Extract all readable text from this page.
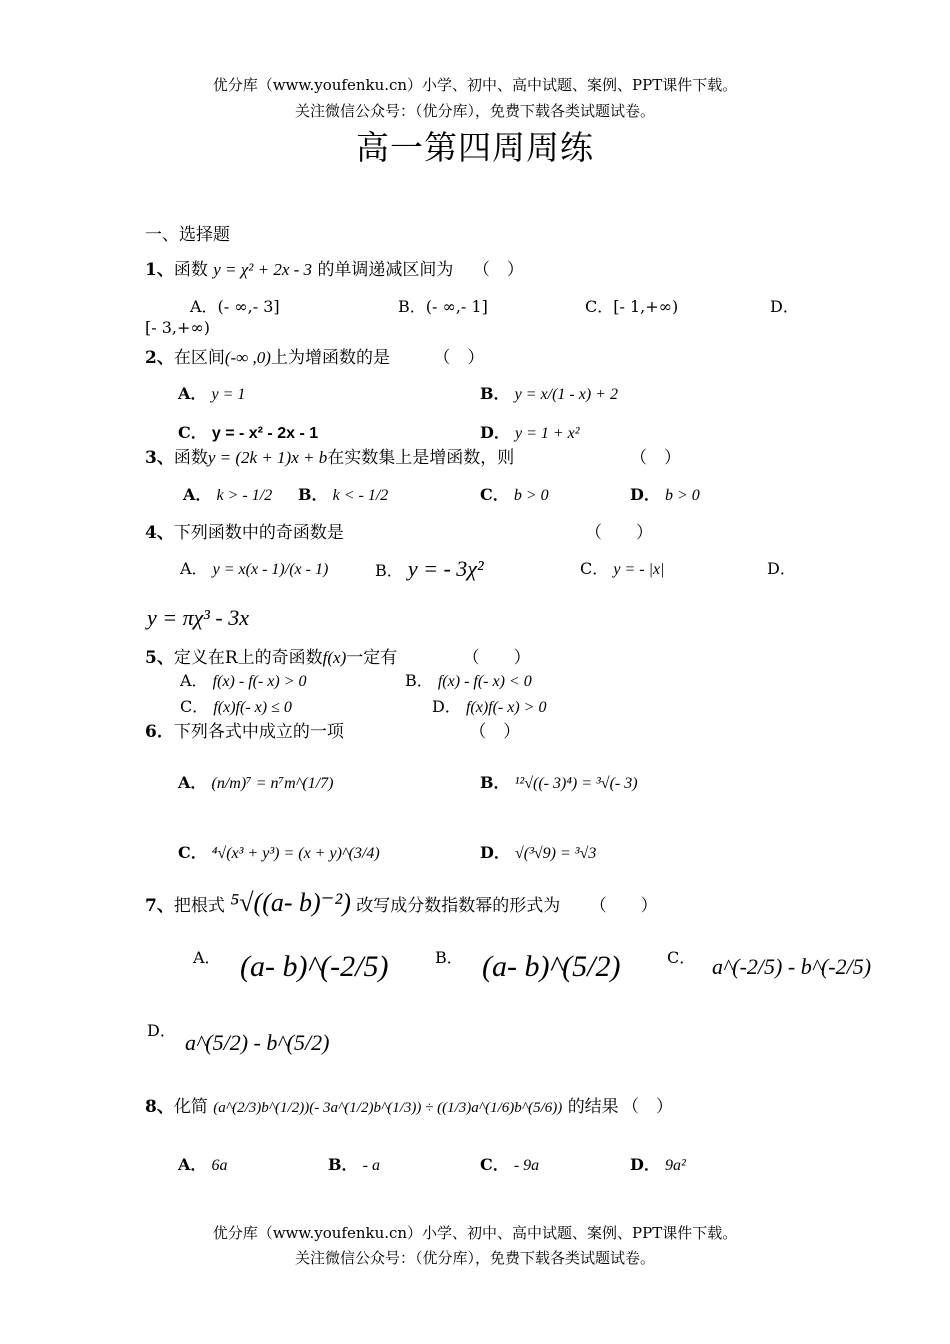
优分库（www.youfenku.cn）小学、初中、高中试题、案例、PPT课件下载。
关注微信公众号：（优分库），免费下载各类试题试卷。
高一第四周周练
一、选择题
1、函数 y = χ² + 2x - 3 的单调递减区间为 （　）
A．(- ∞,- 3]	B．(- ∞,- 1]	C．[- 1,+∞)	D．
[- 3,+∞)
2、在区间(-∞ ,0)上为增函数的是	（　）
A． y = 1	B． y = x/(1 - x) + 2
C． y = - x² - 2x - 1	D． y = 1 + x²
3、函数y = (2k + 1)x + b在实数集上是增函数，则	（　）
A． k > - 1/2 B． k < - 1/2	C． b > 0	D． b > 0
4、下列函数中的奇函数是	（　　）
A． y = x(x - 1)/(x - 1)	B． y = - 3χ²	C． y = - |x|	D．
y = πχ³ - 3x
5、定义在R上的奇函数f(x)一定有	（　　）
A． f(x) - f(- x) > 0	B． f(x) - f(- x) < 0
C． f(x)f(- x) ≤ 0	D． f(x)f(- x) > 0
6．下列各式中成立的一项	（　）
A． (n/m)⁷ = n⁷m^(1/7)	B． ¹²√((- 3)⁴) = ³√(- 3)
C． ⁴√(x³ + y³) = (x + y)^(3/4)	D． √(³√9) = ³√3
7、把根式 ⁵√((a- b)⁻²) 改写成分数指数幂的形式为 （　　）
A． (a- b)^(-2/5)	B． (a- b)^(5/2)	C． a^(-2/5) - b^(-2/5)
D． a^(5/2) - b^(5/2)
8、化简 (a^(2/3)b^(1/2))(- 3a^(1/2)b^(1/3)) ÷ ((1/3)a^(1/6)b^(5/6)) 的结果 （　）
A． 6a	B． - a	C． - 9a	D． 9a²
优分库（www.youfenku.cn）小学、初中、高中试题、案例、PPT课件下载。
关注微信公众号：（优分库），免费下载各类试题试卷。
